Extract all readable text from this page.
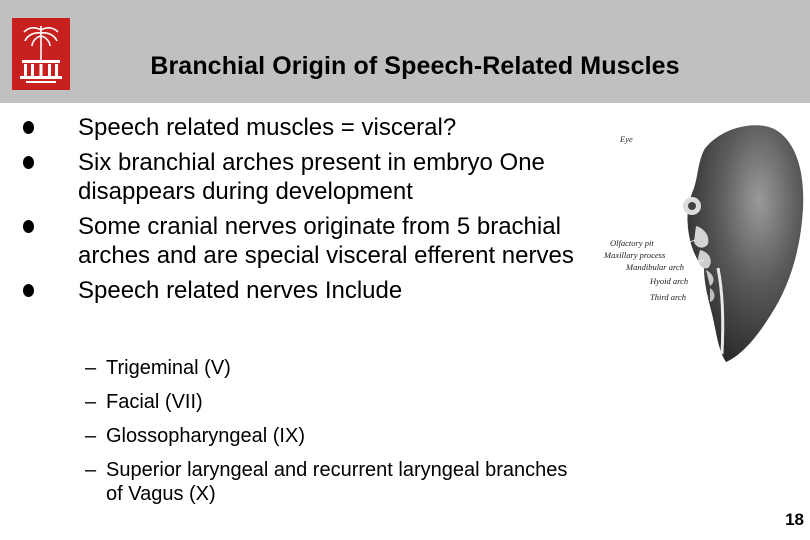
Branchial Origin of Speech-Related Muscles
Speech related muscles = visceral?
Six branchial arches present in embryo One disappears during development
Some cranial nerves originate from 5 brachial arches and are special visceral efferent nerves
Speech related nerves Include
– Trigeminal (V)
– Facial (VII)
– Glossopharyngeal (IX)
– Superior laryngeal and recurrent laryngeal branches of Vagus (X)
Eye
Olfactory pit
Maxillary process
Mandibular arch
Hyoid arch
Third arch
18
